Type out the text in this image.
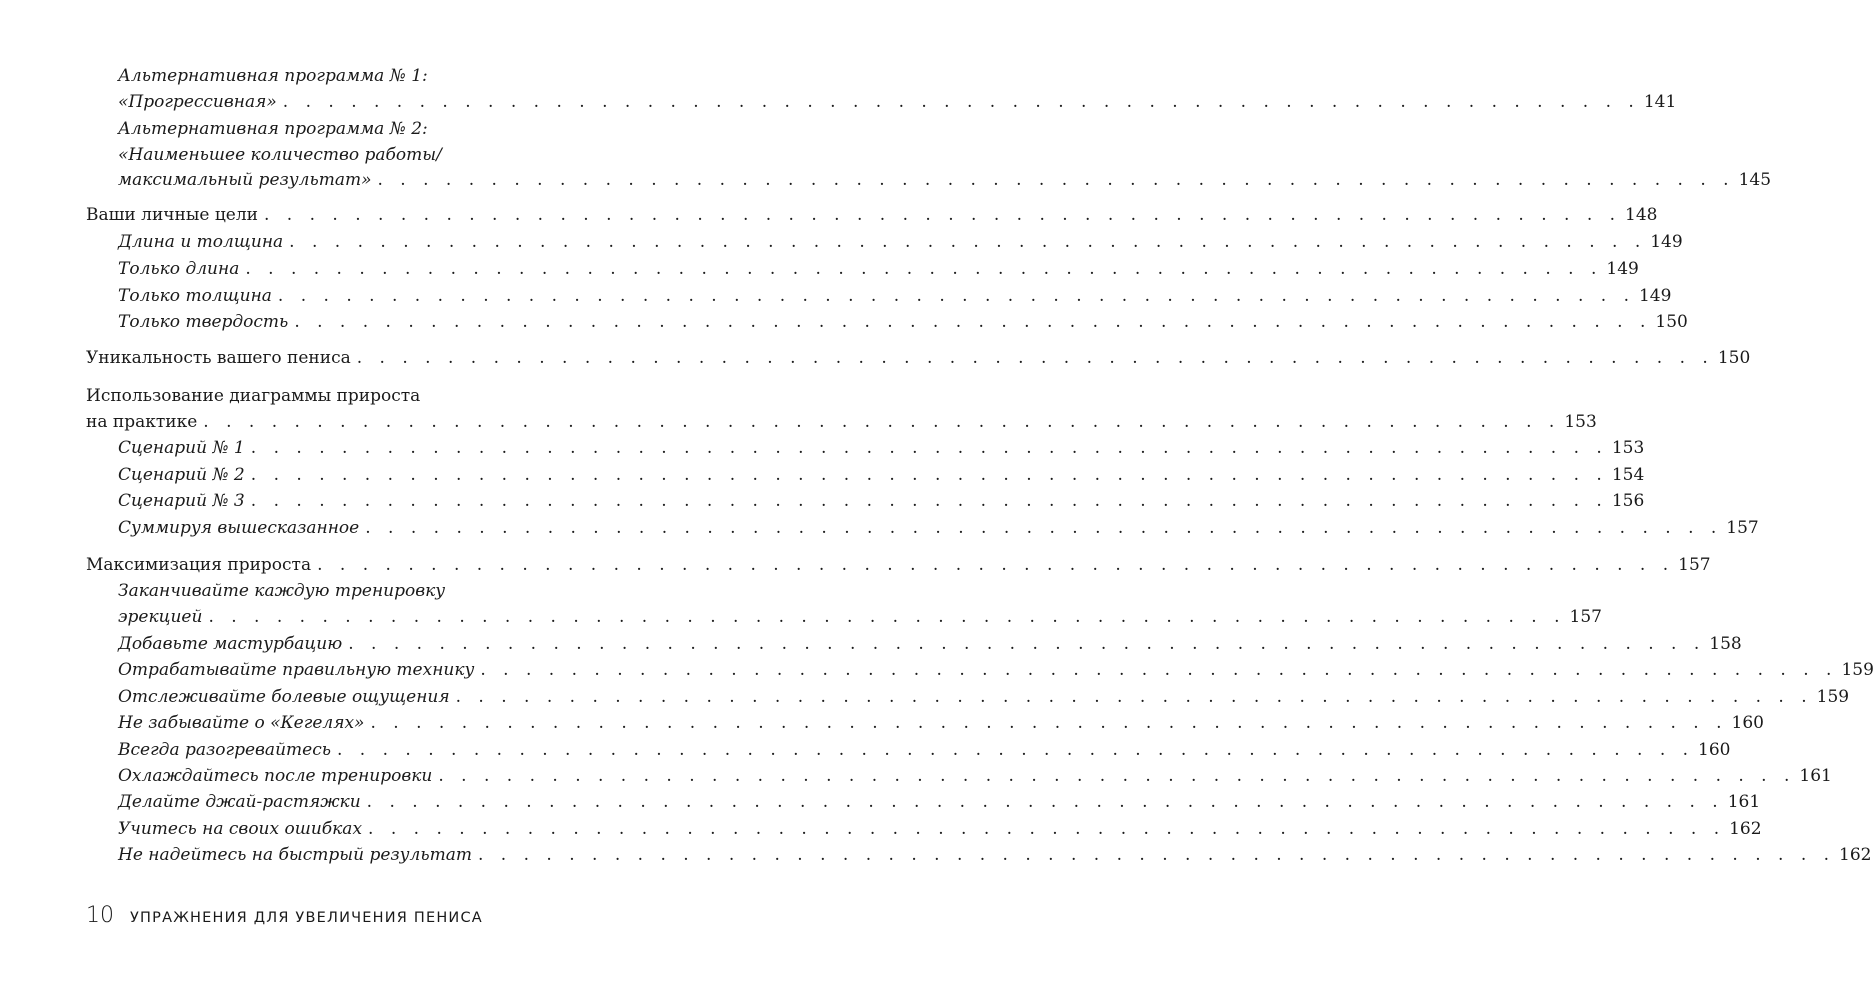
Альтернативная программа № 1:
«Прогрессивная» . . . . . . . . . . . . . . . . . . . . . . . . . . . . . . . . . . . . . . . . . . . . . . . . . . . . . . . . . . . . 141
Альтернативная программа № 2:
«Наименьшее количество работы/
максимальный результат» . . . . . . . . . . . . . . . . . . . . . . . . . . . . . . . . . . . . . . . . . . . . . . . . . . . . . . . . . . . . 145
Ваши личные цели . . . . . . . . . . . . . . . . . . . . . . . . . . . . . . . . . . . . . . . . . . . . . . . . . . . . . . . . . . . . 148
Длина и толщина . . . . . . . . . . . . . . . . . . . . . . . . . . . . . . . . . . . . . . . . . . . . . . . . . . . . . . . . . . . . 149
Только длина . . . . . . . . . . . . . . . . . . . . . . . . . . . . . . . . . . . . . . . . . . . . . . . . . . . . . . . . . . . . 149
Только толщина . . . . . . . . . . . . . . . . . . . . . . . . . . . . . . . . . . . . . . . . . . . . . . . . . . . . . . . . . . . . 149
Только твердость . . . . . . . . . . . . . . . . . . . . . . . . . . . . . . . . . . . . . . . . . . . . . . . . . . . . . . . . . . . . 150
Уникальность вашего пениса . . . . . . . . . . . . . . . . . . . . . . . . . . . . . . . . . . . . . . . . . . . . . . . . . . . . . . . . . . . . 150
Использование диаграммы прироста
на практике . . . . . . . . . . . . . . . . . . . . . . . . . . . . . . . . . . . . . . . . . . . . . . . . . . . . . . . . . . . . 153
Сценарий № 1 . . . . . . . . . . . . . . . . . . . . . . . . . . . . . . . . . . . . . . . . . . . . . . . . . . . . . . . . . . . . 153
Сценарий № 2 . . . . . . . . . . . . . . . . . . . . . . . . . . . . . . . . . . . . . . . . . . . . . . . . . . . . . . . . . . . . 154
Сценарий № 3 . . . . . . . . . . . . . . . . . . . . . . . . . . . . . . . . . . . . . . . . . . . . . . . . . . . . . . . . . . . . 156
Суммируя вышесказанное . . . . . . . . . . . . . . . . . . . . . . . . . . . . . . . . . . . . . . . . . . . . . . . . . . . . . . . . . . . . 157
Максимизация прироста . . . . . . . . . . . . . . . . . . . . . . . . . . . . . . . . . . . . . . . . . . . . . . . . . . . . . . . . . . . . 157
Заканчивайте каждую тренировку
эрекцией . . . . . . . . . . . . . . . . . . . . . . . . . . . . . . . . . . . . . . . . . . . . . . . . . . . . . . . . . . . . 157
Добавьте мастурбацию . . . . . . . . . . . . . . . . . . . . . . . . . . . . . . . . . . . . . . . . . . . . . . . . . . . . . . . . . . . . 158
Отрабатывайте правильную технику . . . . . . . . . . . . . . . . . . . . . . . . . . . . . . . . . . . . . . . . . . . . . . . . . . . . . . . . . . . . 159
Отслеживайте болевые ощущения . . . . . . . . . . . . . . . . . . . . . . . . . . . . . . . . . . . . . . . . . . . . . . . . . . . . . . . . . . . . 159
Не забывайте о «Кегелях» . . . . . . . . . . . . . . . . . . . . . . . . . . . . . . . . . . . . . . . . . . . . . . . . . . . . . . . . . . . . 160
Всегда разогревайтесь . . . . . . . . . . . . . . . . . . . . . . . . . . . . . . . . . . . . . . . . . . . . . . . . . . . . . . . . . . . . 160
Охлаждайтесь после тренировки . . . . . . . . . . . . . . . . . . . . . . . . . . . . . . . . . . . . . . . . . . . . . . . . . . . . . . . . . . . . 161
Делайте джай-растяжки . . . . . . . . . . . . . . . . . . . . . . . . . . . . . . . . . . . . . . . . . . . . . . . . . . . . . . . . . . . . 161
Учитесь на своих ошибках . . . . . . . . . . . . . . . . . . . . . . . . . . . . . . . . . . . . . . . . . . . . . . . . . . . . . . . . . . . . 162
Не надейтесь на быстрый результат . . . . . . . . . . . . . . . . . . . . . . . . . . . . . . . . . . . . . . . . . . . . . . . . . . . . . . . . . . . . 162
10 УПРАЖНЕНИЯ ДЛЯ УВЕЛИЧЕНИЯ ПЕНИСА
